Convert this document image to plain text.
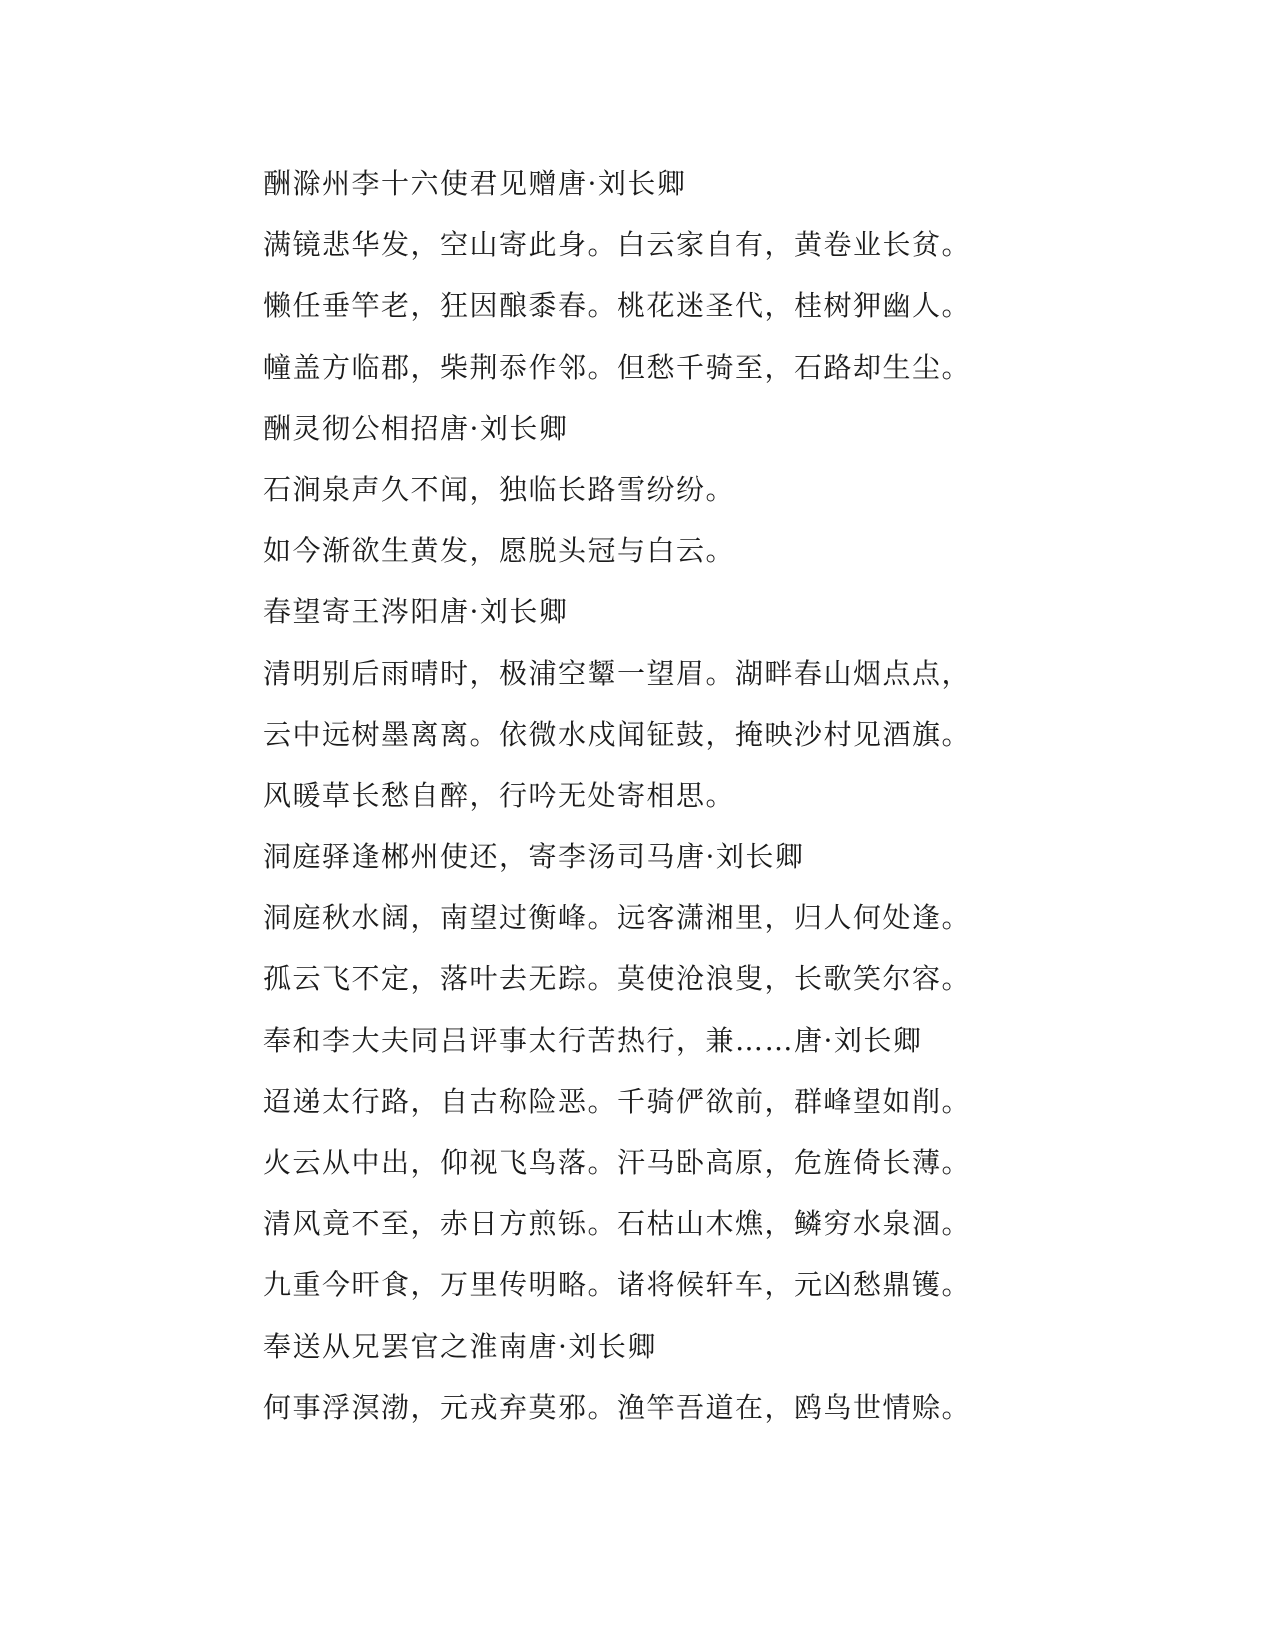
酬滁州李十六使君见赠唐·刘长卿
满镜悲华发，空山寄此身。白云家自有，黄卷业长贫。
懒任垂竿老，狂因酿黍春。桃花迷圣代，桂树狎幽人。
幢盖方临郡，柴荆忝作邻。但愁千骑至，石路却生尘。
酬灵彻公相招唐·刘长卿
石涧泉声久不闻，独临长路雪纷纷。
如今渐欲生黄发，愿脱头冠与白云。
春望寄王涔阳唐·刘长卿
清明别后雨晴时，极浦空颦一望眉。湖畔春山烟点点，
云中远树墨离离。依微水戍闻钲鼓，掩映沙村见酒旗。
风暖草长愁自醉，行吟无处寄相思。
洞庭驿逢郴州使还，寄李汤司马唐·刘长卿
洞庭秋水阔，南望过衡峰。远客潇湘里，归人何处逢。
孤云飞不定，落叶去无踪。莫使沧浪叟，长歌笑尔容。
奉和李大夫同吕评事太行苦热行，兼……唐·刘长卿
迢递太行路，自古称险恶。千骑俨欲前，群峰望如削。
火云从中出，仰视飞鸟落。汗马卧高原，危旌倚长薄。
清风竟不至，赤日方煎铄。石枯山木燋，鳞穷水泉涸。
九重今旰食，万里传明略。诸将候轩车，元凶愁鼎镬。
奉送从兄罢官之淮南唐·刘长卿
何事浮溟渤，元戎弃莫邪。渔竿吾道在，鸥鸟世情赊。
